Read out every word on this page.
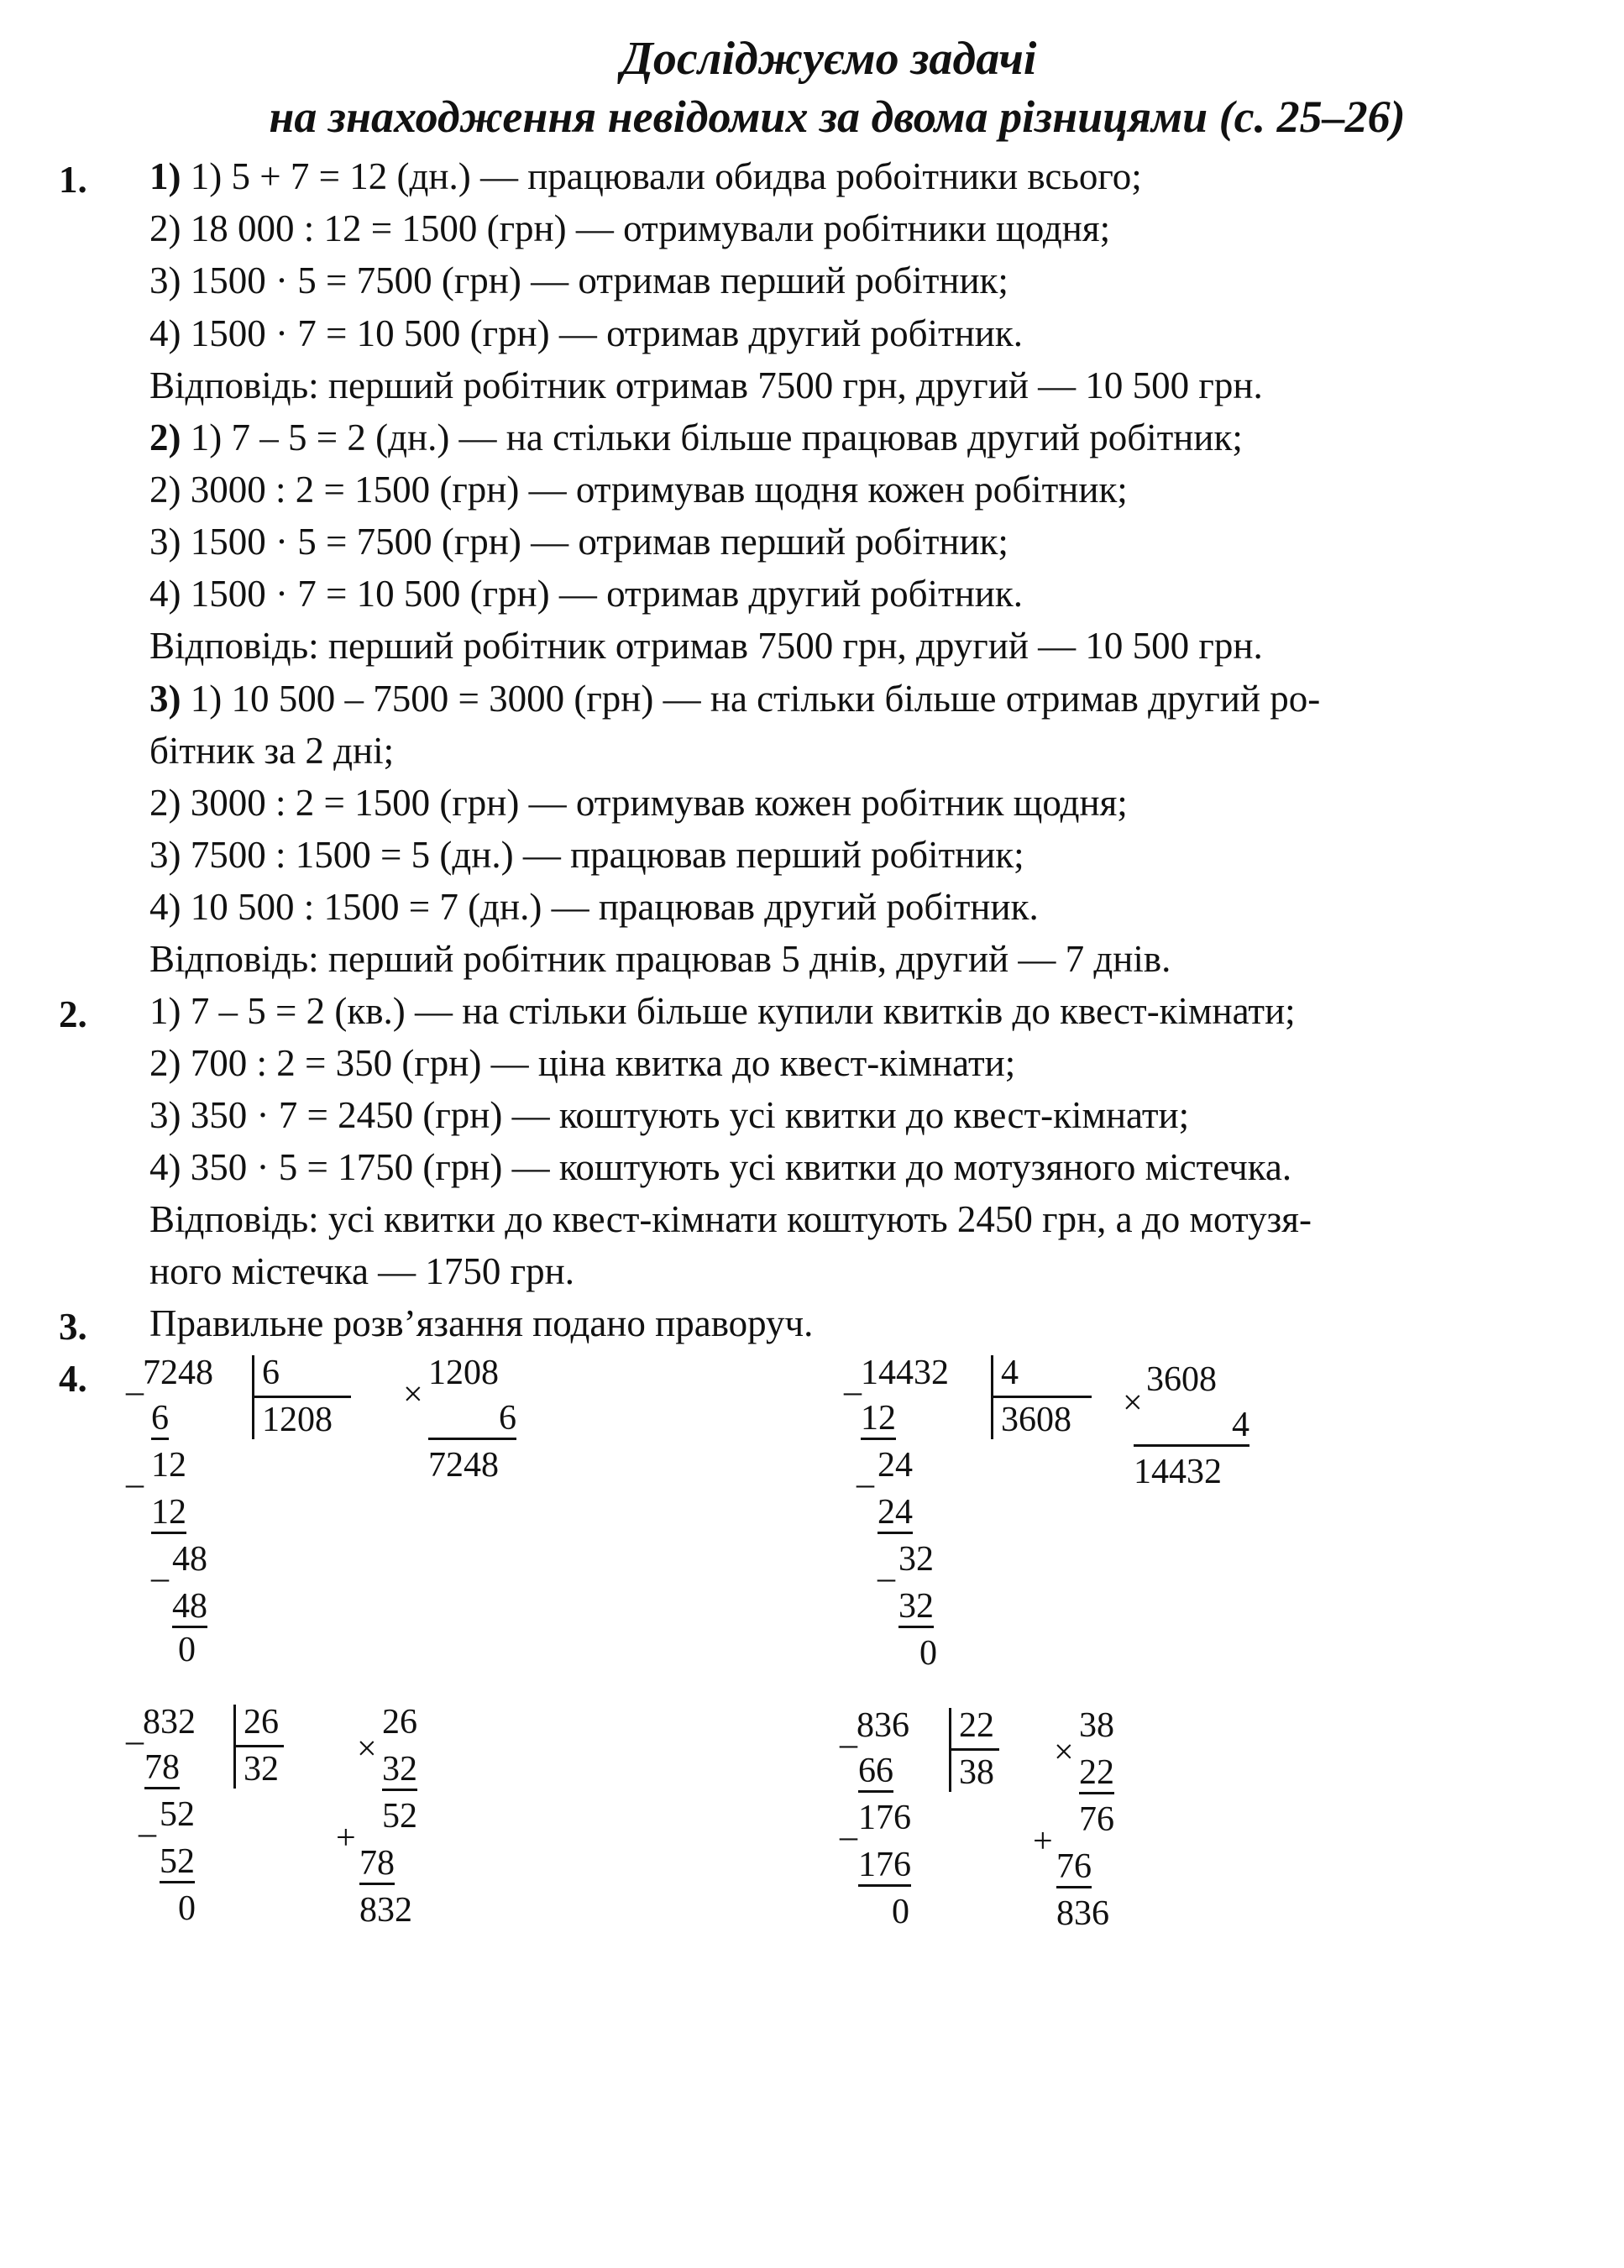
Досліджуємо задачі
на знаходження невідомих за двома різницями (с. 25–26)
1. 1) 1) 5 + 7 = 12 (дн.) — працювали обидва робоітники всього;
2) 18 000 : 12 = 1500 (грн) — отримували робітники щодня;
3) 1500 · 5 = 7500 (грн) — отримав перший робітник;
4) 1500 · 7 = 10 500 (грн) — отримав другий робітник.
Відповідь: перший робітник отримав 7500 грн, другий — 10 500 грн.
2) 1) 7 – 5 = 2 (дн.) — на стільки більше працював другий робітник;
2) 3000 : 2 = 1500 (грн) — отримував щодня кожен робітник;
3) 1500 · 5 = 7500 (грн) — отримав перший робітник;
4) 1500 · 7 = 10 500 (грн) — отримав другий робітник.
Відповідь: перший робітник отримав 7500 грн, другий — 10 500 грн.
3) 1) 10 500 – 7500 = 3000 (грн) — на стільки більше отримав другий ро-
бітник за 2 дні;
2) 3000 : 2 = 1500 (грн) — отримував кожен робітник щодня;
3) 7500 : 1500 = 5 (дн.) — працював перший робітник;
4) 10 500 : 1500 = 7 (дн.) — працював другий робітник.
Відповідь: перший робітник працював 5 днів, другий — 7 днів.
2. 1) 7 – 5 = 2 (кв.) — на стільки більше купили квитків до квест-кімнати;
2) 700 : 2 = 350 (грн) — ціна квитка до квест-кімнати;
3) 350 · 7 = 2450 (грн) — коштують усі квитки до квест-кімнати;
4) 350 · 5 = 1750 (грн) — коштують усі квитки до мотузяного містечка.
Відповідь: усі квитки до квест-кімнати коштують 2450 грн, а до мотузя-
ного містечка — 1750 грн.
3. Правильне розв’язання подано праворуч.
4. _ 7248 6
1208
6
_ 12
12
_ 48
48
0
1208
×
6
7248
_ 14432 4
3608
12
_ 24
24
_ 32
32
0
3608
×
4
14432
_ 832 26
32
78
_ 52
52
0
26
×
32
52
+
78
832
_ 836 22
38
66
_ 176
176
0
38
×
22
76
+
76
836
